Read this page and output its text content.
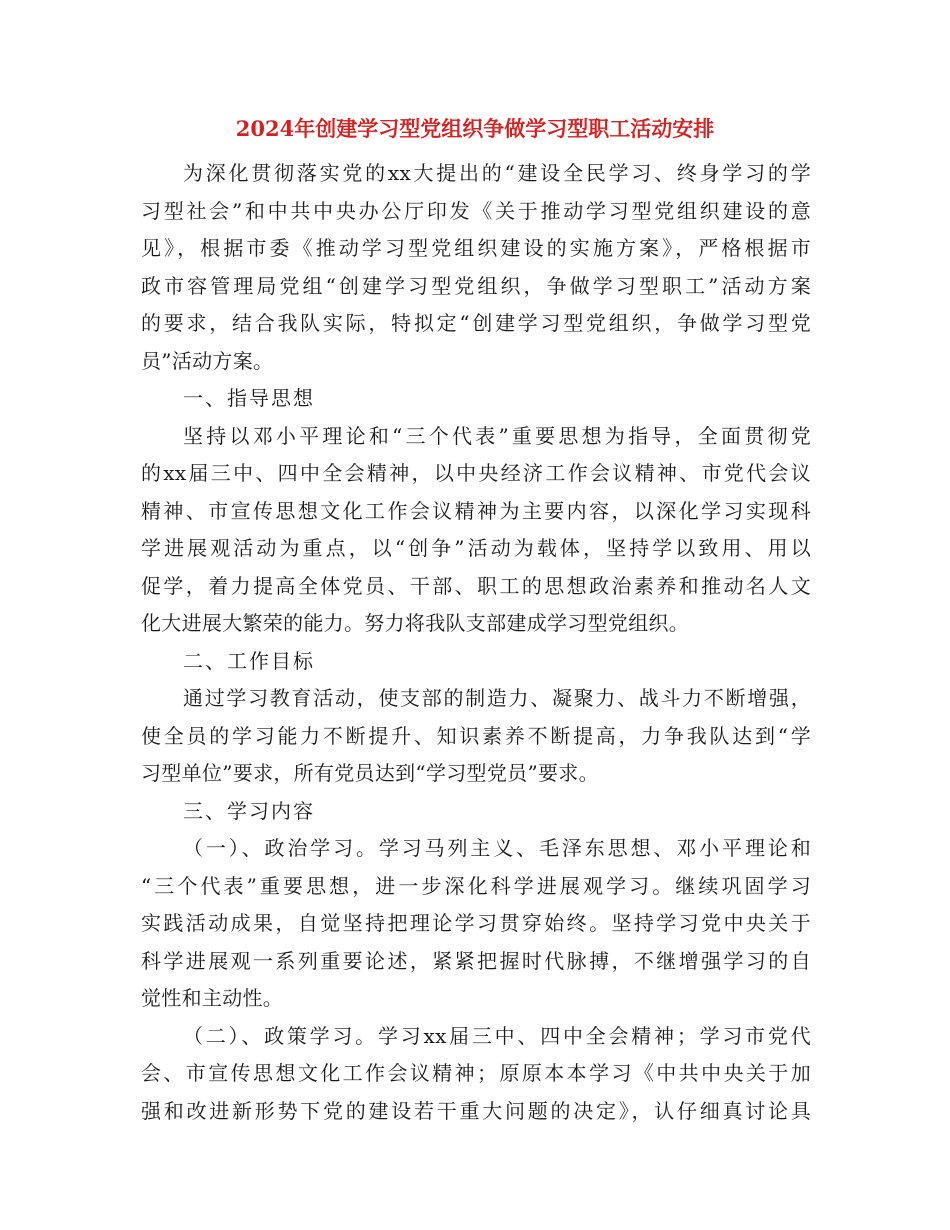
2024年创建学习型党组织争做学习型职工活动安排
为深化贯彻落实党的xx大提出的“建设全民学习、终身学习的学
习型社会”和中共中央办公厅印发《关于推动学习型党组织建设的意
见》，根据市委《推动学习型党组织建设的实施方案》，严格根据市
政市容管理局党组“创建学习型党组织，争做学习型职工”活动方案
的要求，结合我队实际，特拟定“创建学习型党组织，争做学习型党
员”活动方案。
一、指导思想
坚持以邓小平理论和“三个代表”重要思想为指导，全面贯彻党
的xx届三中、四中全会精神，以中央经济工作会议精神、市党代会议
精神、市宣传思想文化工作会议精神为主要内容，以深化学习实现科
学进展观活动为重点，以“创争”活动为载体，坚持学以致用、用以
促学，着力提高全体党员、干部、职工的思想政治素养和推动名人文
化大进展大繁荣的能力。努力将我队支部建成学习型党组织。
二、工作目标
通过学习教育活动，使支部的制造力、凝聚力、战斗力不断增强，
使全员的学习能力不断提升、知识素养不断提高，力争我队达到“学
习型单位”要求，所有党员达到“学习型党员”要求。
三、学习内容
（一）、政治学习。学习马列主义、毛泽东思想、邓小平理论和
“三个代表”重要思想，进一步深化科学进展观学习。继续巩固学习
实践活动成果，自觉坚持把理论学习贯穿始终。坚持学习党中央关于
科学进展观一系列重要论述，紧紧把握时代脉搏，不继增强学习的自
觉性和主动性。
（二）、政策学习。学习xx届三中、四中全会精神；学习市党代
会、市宣传思想文化工作会议精神；原原本本学习《中共中央关于加
强和改进新形势下党的建设若干重大问题的决定》，认仔细真讨论具
